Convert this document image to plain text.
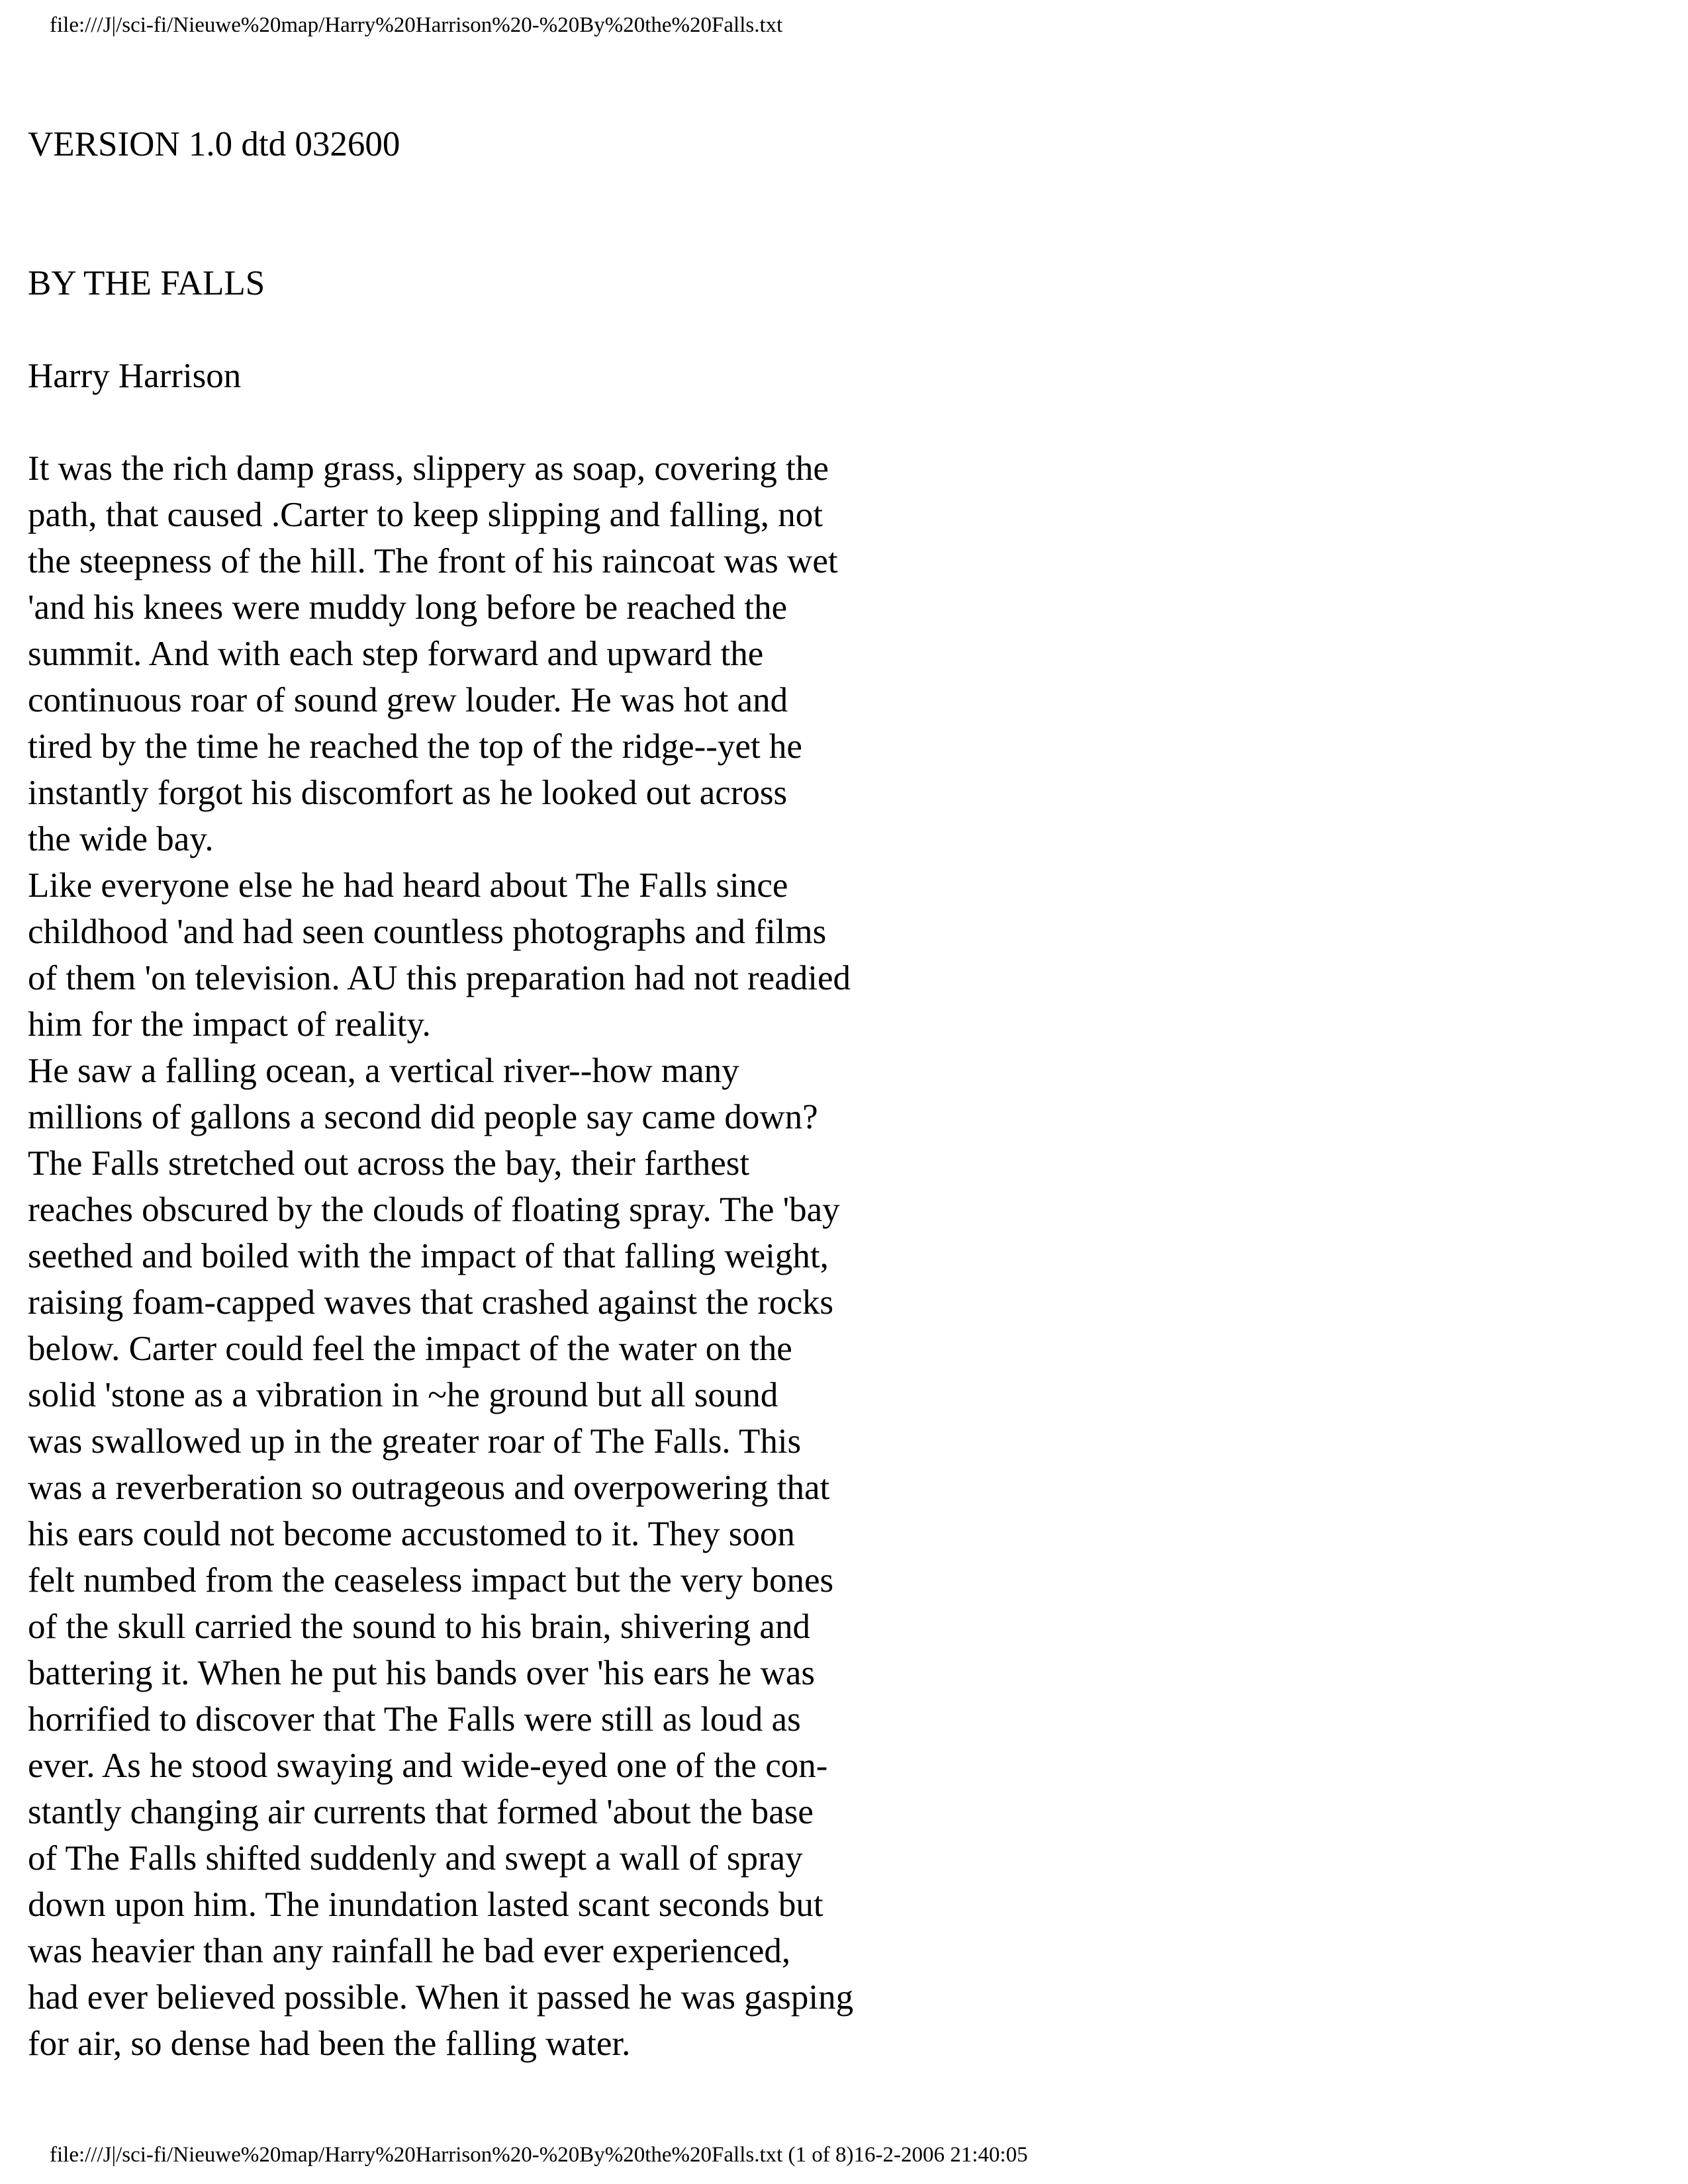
file:///J|/sci-fi/Nieuwe%20map/Harry%20Harrison%20-%20By%20the%20Falls.txt
VERSION 1.0 dtd 032600
BY THE FALLS
Harry Harrison
It was the rich damp grass, slippery as soap, covering the
path, that caused .Carter to keep slipping and falling, not
the steepness of the hill. The front of his raincoat was wet
'and his knees were muddy long before be reached the
summit. And with each step forward and upward the
continuous roar of sound grew louder. He was hot and
tired by the time he reached the top of the ridge--yet he
instantly forgot his discomfort as he looked out across
the wide bay.
Like everyone else he had heard about The Falls since
childhood 'and had seen countless photographs and films
of them 'on television. AU this preparation had not readied
him for the impact of reality.
He saw a falling ocean, a vertical river--how many
millions of gallons a second did people say came down?
The Falls stretched out across the bay, their farthest
reaches obscured by the clouds of floating spray. The 'bay
seethed and boiled with the impact of that falling weight,
raising foam-capped waves that crashed against the rocks
below. Carter could feel the impact of the water on the
solid 'stone as a vibration in ~he ground but all sound
was swallowed up in the greater roar of The Falls. This
was a reverberation so outrageous and overpowering that
his ears could not become accustomed to it. They soon
felt numbed from the ceaseless impact but the very bones
of the skull carried the sound to his brain, shivering and
battering it. When he put his bands over 'his ears he was
horrified to discover that The Falls were still as loud as
ever. As he stood swaying and wide-eyed one of the con-
stantly changing air currents that formed 'about the base
of The Falls shifted suddenly and swept a wall of spray
down upon him. The inundation lasted scant seconds but
was heavier than any rainfall he bad ever experienced,
had ever believed possible. When it passed he was gasping
for air, so dense had been the falling water.
file:///J|/sci-fi/Nieuwe%20map/Harry%20Harrison%20-%20By%20the%20Falls.txt (1 of 8)16-2-2006 21:40:05
